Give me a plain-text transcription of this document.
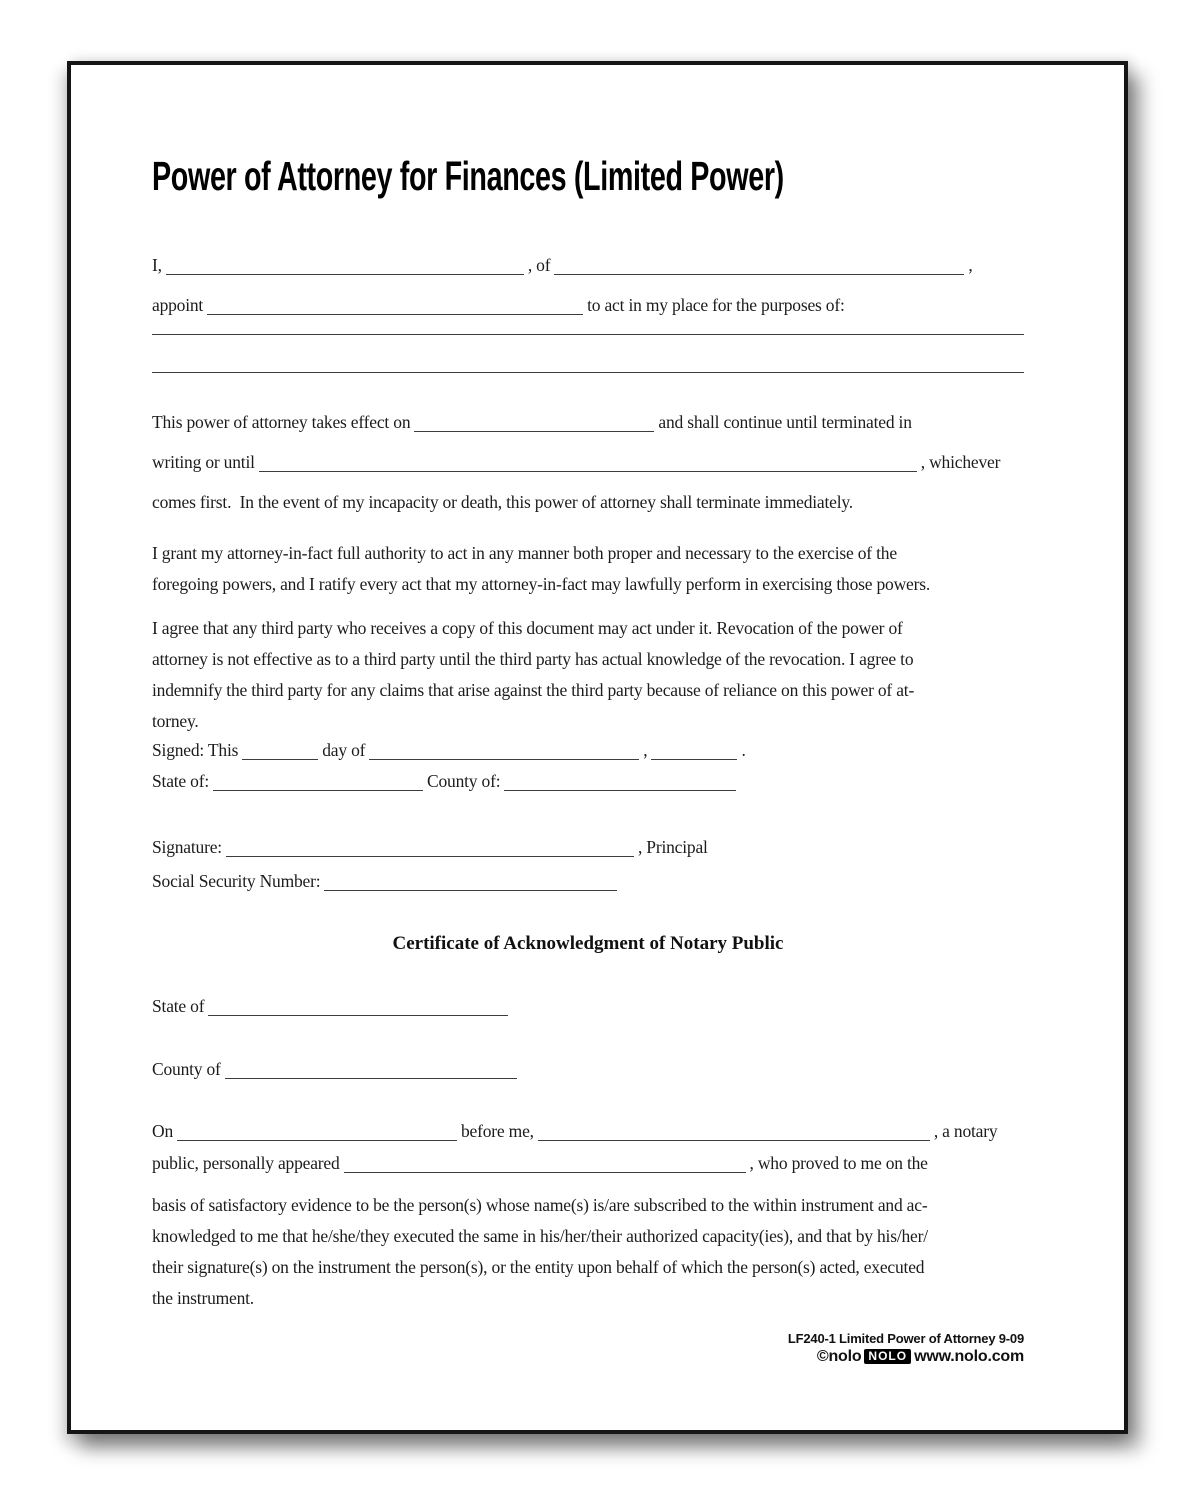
Power of Attorney for Finances (Limited Power)
I,	, of	,
appoint	to act in my place for the purposes of:
This power of attorney takes effect on	and shall continue until terminated in
writing or until	, whichever
comes first.  In the event of my incapacity or death, this power of attorney shall terminate immediately.
I grant my attorney-in-fact full authority to act in any manner both proper and necessary to the exercise of the
foregoing powers, and I ratify every act that my attorney-in-fact may lawfully perform in exercising those powers.
I agree that any third party who receives a copy of this document may act under it. Revocation of the power of
attorney is not effective as to a third party until the third party has actual knowledge of the revocation. I agree to
indemnify the third party for any claims that arise against the third party because of reliance on this power of at-
torney.
Signed: This	day of	,	.
State of:	County of:
Signature:	, Principal
Social Security Number:
Certificate of Acknowledgment of Notary Public
State of
County of
On	before me,	, a notary
public, personally appeared	, who proved to me on the
basis of satisfactory evidence to be the person(s) whose name(s) is/are subscribed to the within instrument and ac-
knowledged to me that he/she/they executed the same in his/her/their authorized capacity(ies), and that by his/her/
their signature(s) on the instrument the person(s), or the entity upon behalf of which the person(s) acted, executed
the instrument.
LF240-1 Limited Power of Attorney 9-09
©nolo NOLO www.nolo.com
